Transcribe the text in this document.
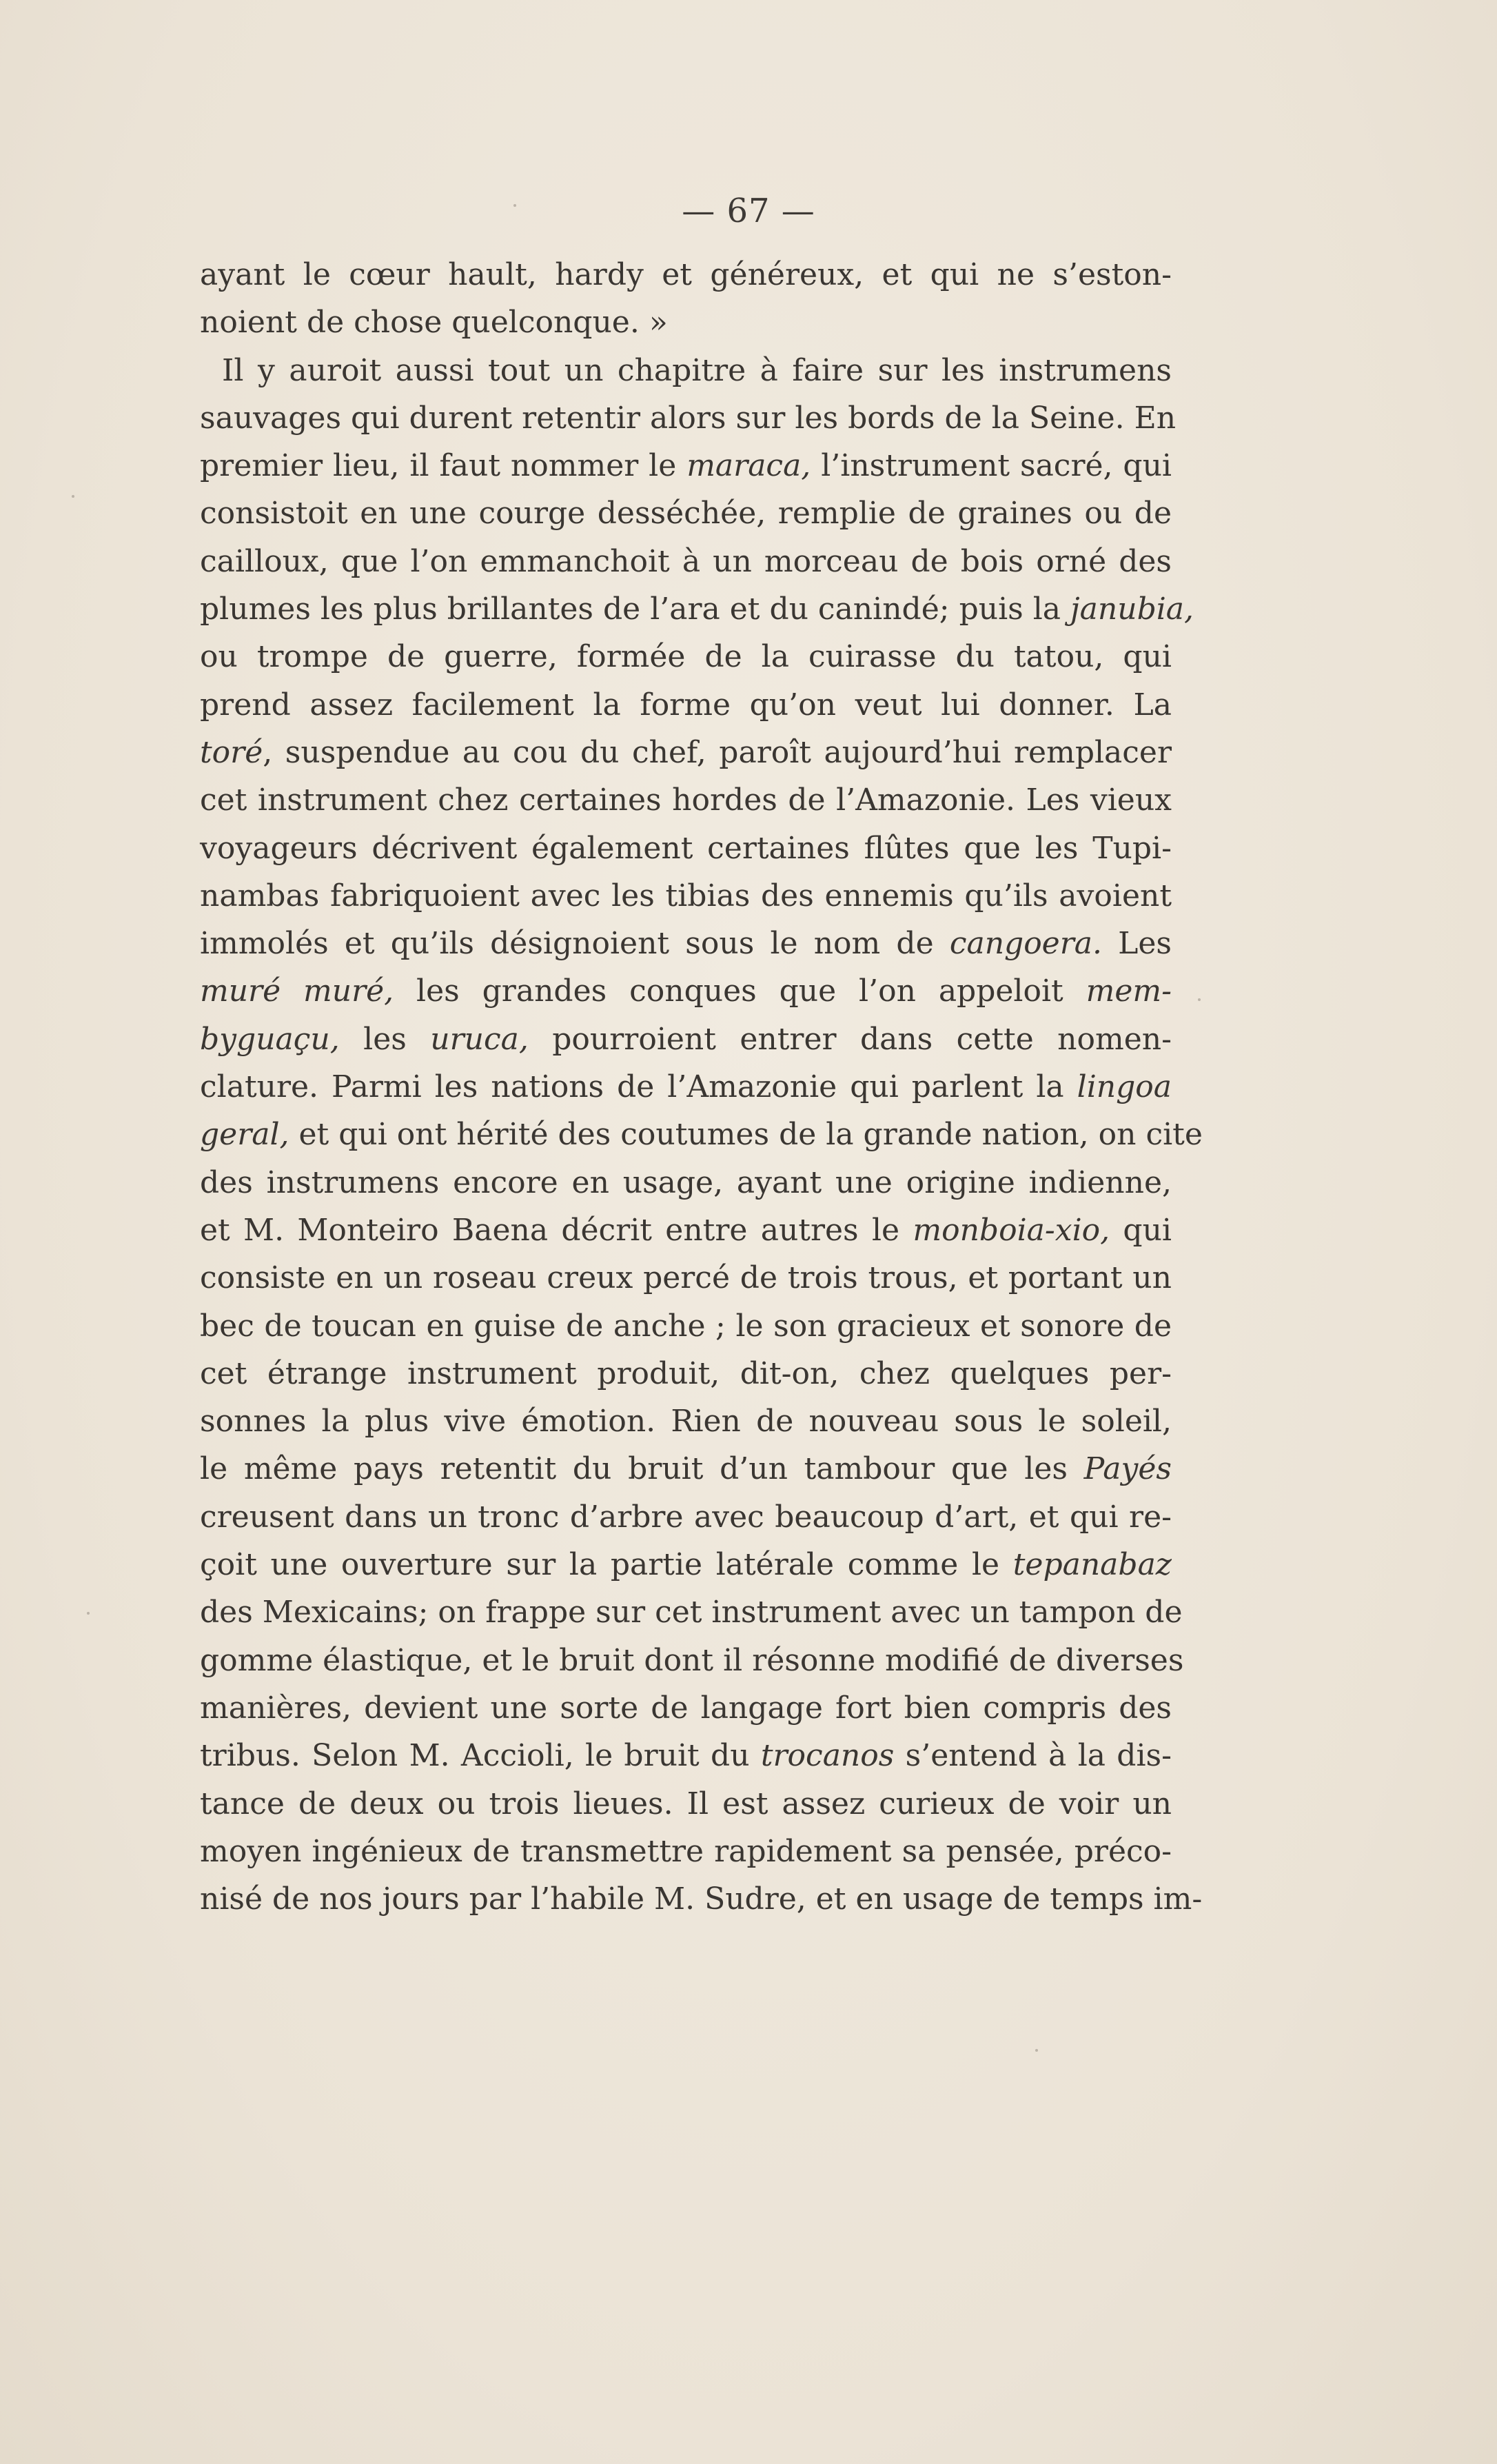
— 67 —
ayant le cœur hault, hardy et généreux, et qui ne s’eston-
noient de chose quelconque. »
Il y auroit aussi tout un chapitre à faire sur les instrumens
sauvages qui durent retentir alors sur les bords de la Seine. En
premier lieu, il faut nommer le maraca, l’instrument sacré, qui
consistoit en une courge desséchée, remplie de graines ou de
cailloux, que l’on emmanchoit à un morceau de bois orné des
plumes les plus brillantes de l’ara et du canindé; puis la janubia,
ou trompe de guerre, formée de la cuirasse du tatou, qui
prend assez facilement la forme qu’on veut lui donner. La
toré, suspendue au cou du chef, paroît aujourd’hui remplacer
cet instrument chez certaines hordes de l’Amazonie. Les vieux
voyageurs décrivent également certaines flûtes que les Tupi-
nambas fabriquoient avec les tibias des ennemis qu’ils avoient
immolés et qu’ils désignoient sous le nom de cangoera. Les
muré muré, les grandes conques que l’on appeloit mem-
byguaçu, les uruca, pourroient entrer dans cette nomen-
clature. Parmi les nations de l’Amazonie qui parlent la lingoa
geral, et qui ont hérité des coutumes de la grande nation, on cite
des instrumens encore en usage, ayant une origine indienne,
et M. Monteiro Baena décrit entre autres le monboia-xio, qui
consiste en un roseau creux percé de trois trous, et portant un
bec de toucan en guise de anche ; le son gracieux et sonore de
cet étrange instrument produit, dit-on, chez quelques per-
sonnes la plus vive émotion. Rien de nouveau sous le soleil,
le même pays retentit du bruit d’un tambour que les Payés
creusent dans un tronc d’arbre avec beaucoup d’art, et qui re-
çoit une ouverture sur la partie latérale comme le tepanabaz
des Mexicains; on frappe sur cet instrument avec un tampon de
gomme élastique, et le bruit dont il résonne modifié de diverses
manières, devient une sorte de langage fort bien compris des
tribus. Selon M. Accioli, le bruit du trocanos s’entend à la dis-
tance de deux ou trois lieues. Il est assez curieux de voir un
moyen ingénieux de transmettre rapidement sa pensée, préco-
nisé de nos jours par l’habile M. Sudre, et en usage de temps im-
